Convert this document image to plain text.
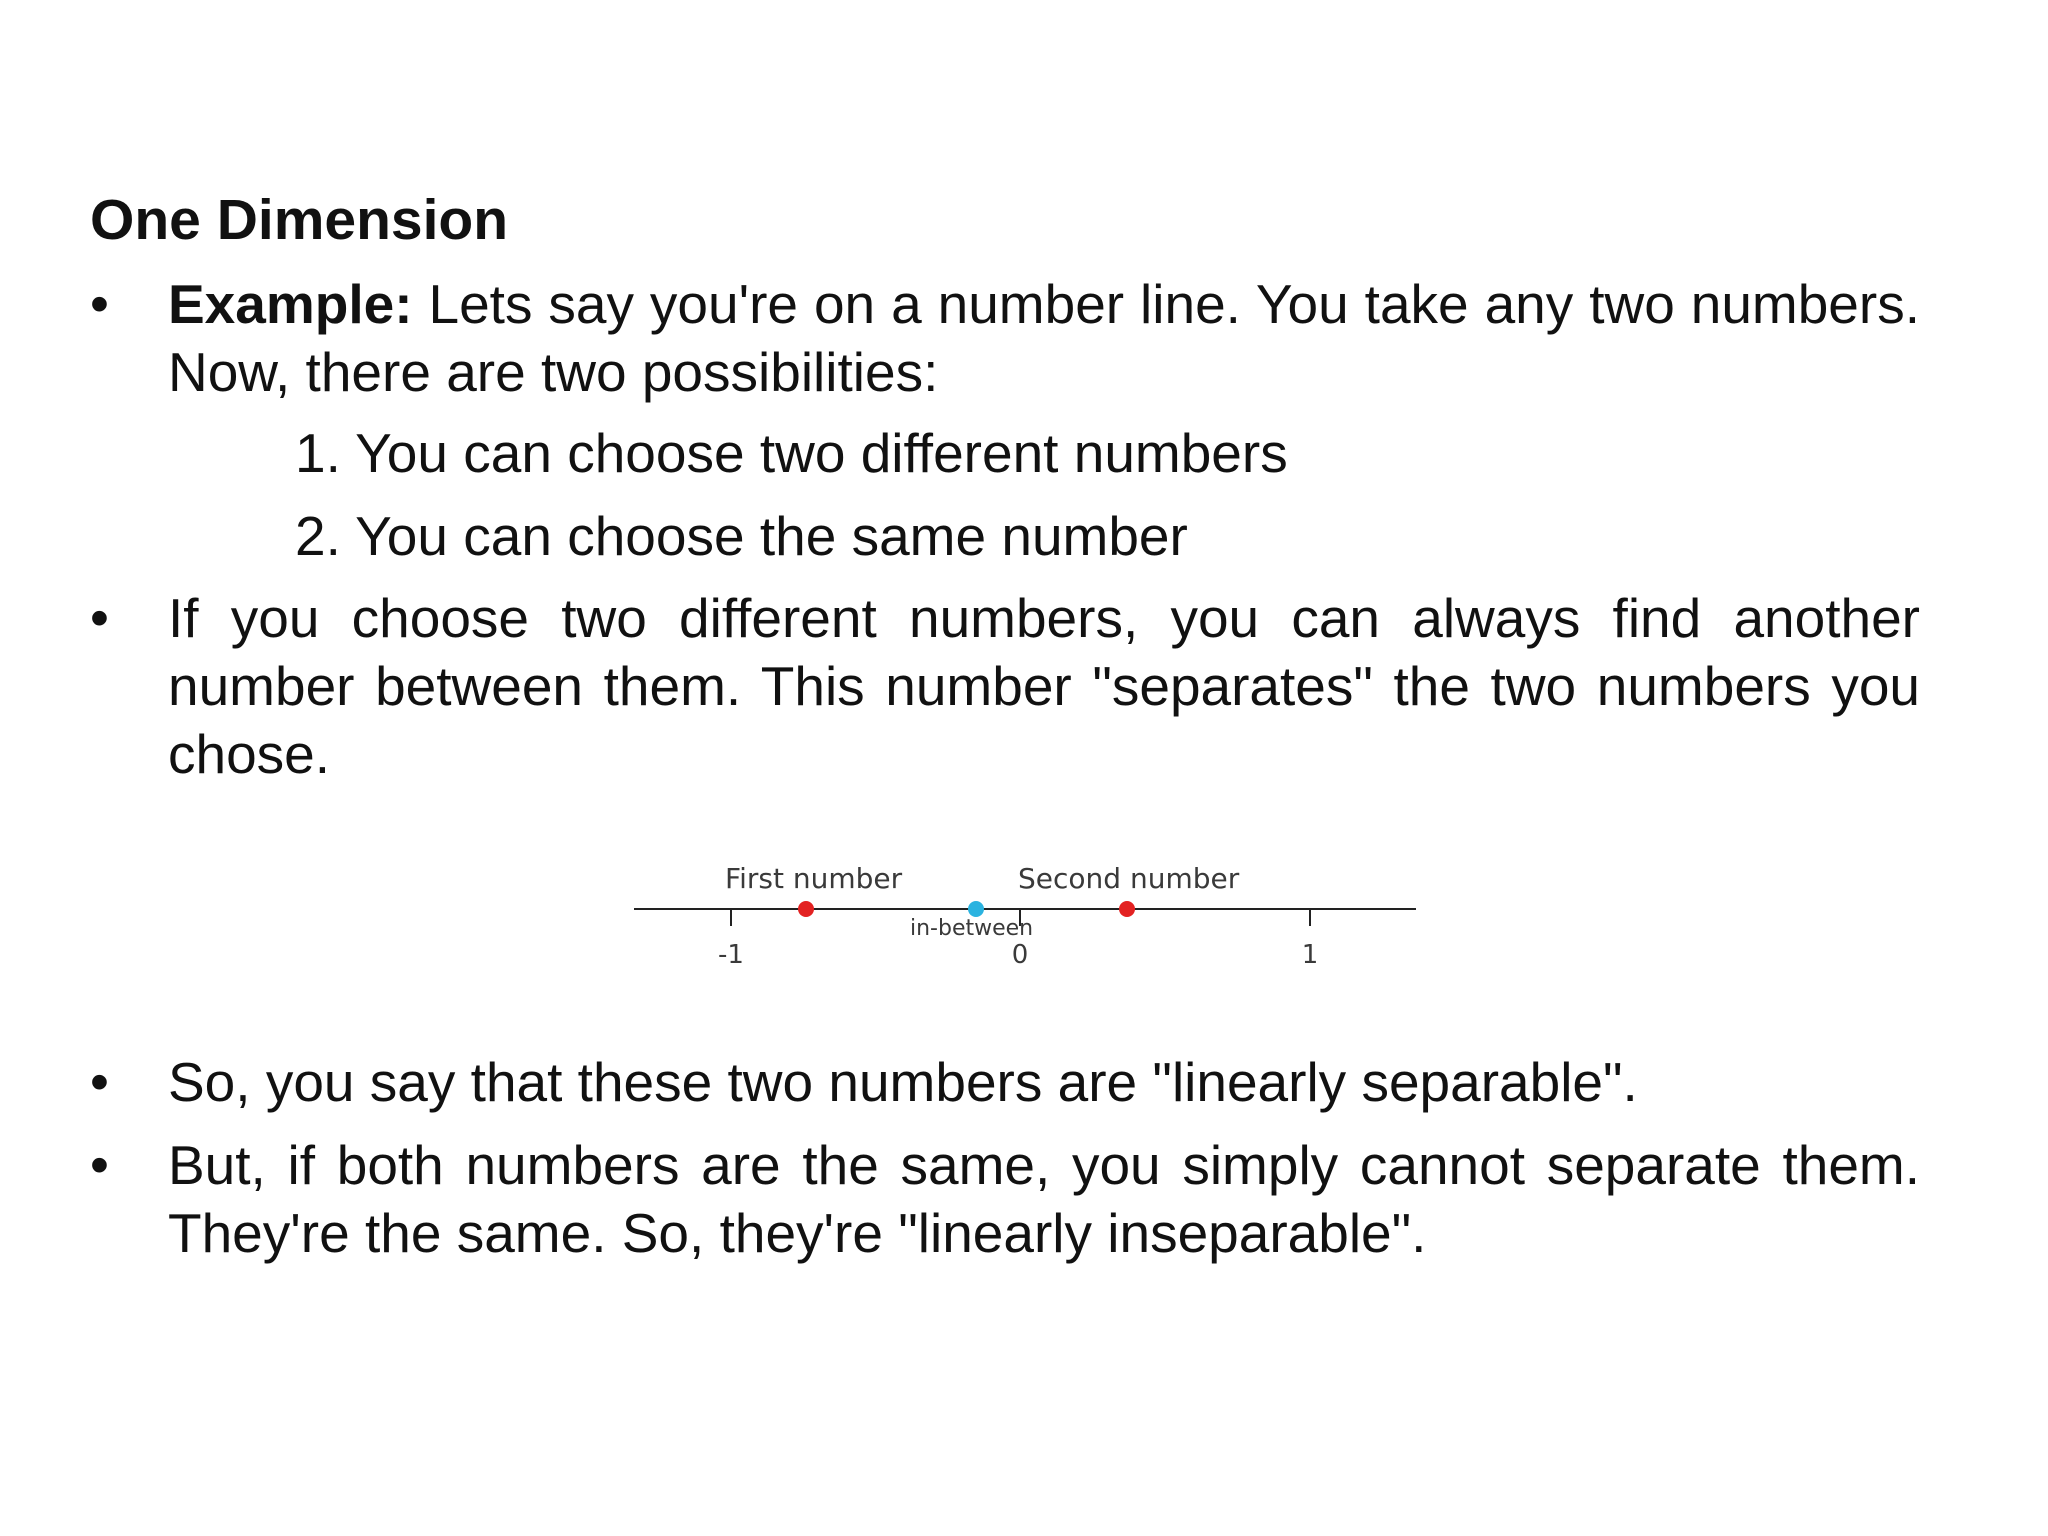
One Dimension
•	Example: Lets say you're on a number line. You take any two numbers. Now, there are two possibilities:
1. You can choose two different numbers
2. You can choose the same number
•	If you choose two different numbers, you can always find another number between them. This number "separates" the two numbers you chose.
First number	Second number
in-between
-1	0	1
•	So, you say that these two numbers are "linearly separable".
•	But, if both numbers are the same, you simply cannot separate them. They're the same. So, they're "linearly inseparable".
